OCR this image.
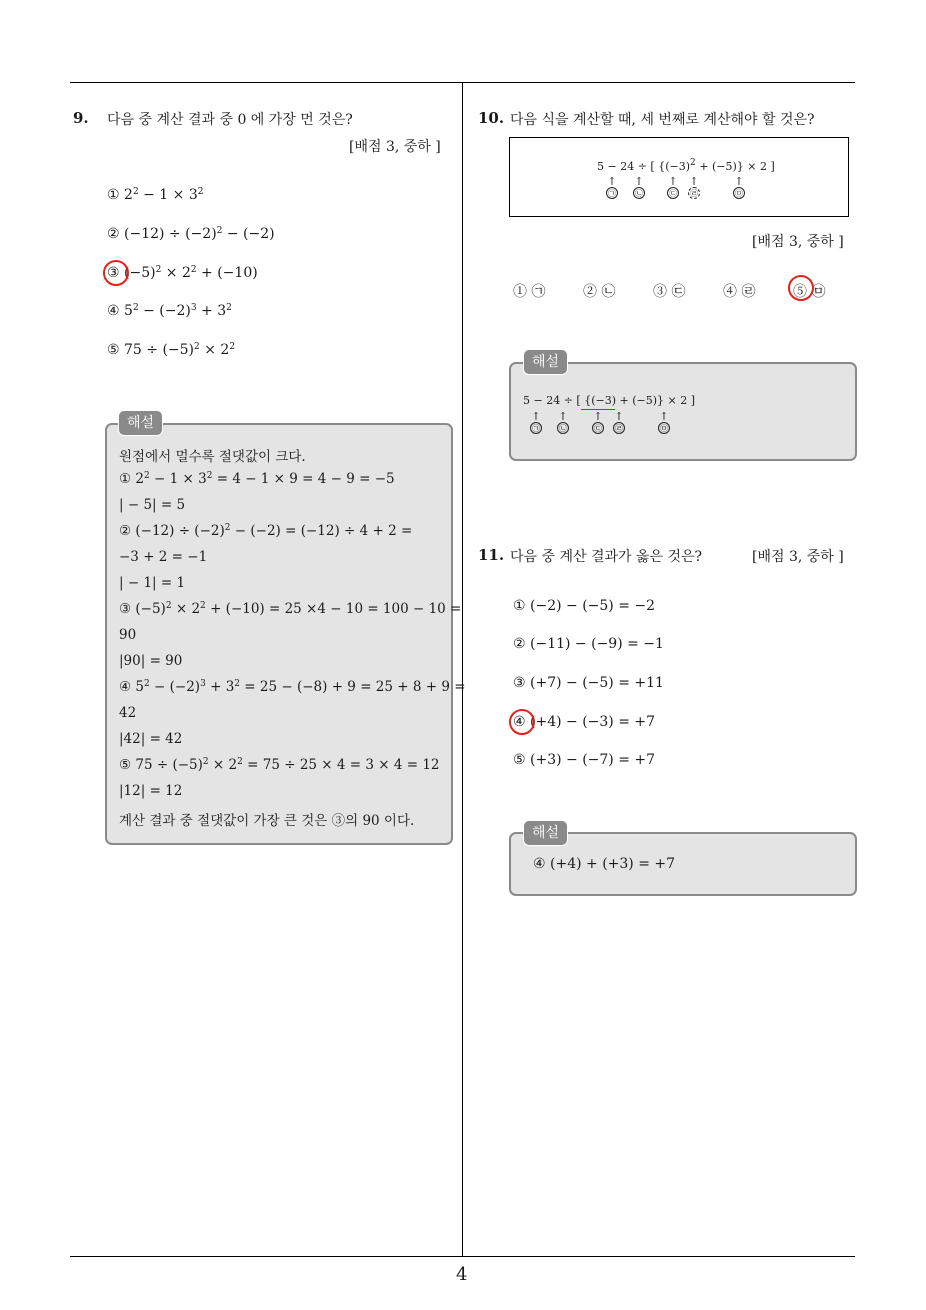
4
9. 다음 중 계산 결과 중 0 에 가장 먼 것은?
[배점 3, 중하 ]
① $2^2 - 1 \times 3^2$
② $(-12) \div (-2)^2 - (-2)$
③ $(-5)^2 \times 2^2 + (-10)$
④ $5^2 - (-2)^3 + 3^2$
⑤ $75 \div (-5)^2 \times 2^2$
원점에서 멀수록 절댓값이 크다.
① $2^2 - 1 \times 3^2 = 4 - 1 \times 9 = 4 - 9 = -5$
| − 5| = 5
② $(-12) \div (-2)^2 - (-2) = (-12) \div 4 + 2$ =
−3 + 2 = −1
| − 1| = 1
③ $(-5)^2 \times 2^2 + (-10) = 25 \times 4 - 10 = 100 - 10$ =
90
|90| = 90
④ $5^2 - (-2)^3 + 3^2 = 25 - (-8) + 9 = 25 + 8 + 9$ =
42
|42| = 42
⑤ $75 \div (-5)^2 \times 2^2 = 75 \div 25 \times 4 = 3 \times 4 = 12$
|12| = 12
계산 결과 중 절댓값이 가장 큰 것은 ③의 90 이다.
해설
10. 다음 식을 계산할 때, 세 번째로 계산해야 할 것은?
5 − 24 ÷ [ $\{(-3)^2 + (-5)\} \times 2$ ]
↑
㉠
↑
㉡
↑
㉢
↑
㉣
↑
㉤
[배점 3, 중하 ]
① ㉠	② ㉡	③ ㉢	④ ㉣	⑤ ㉤
5 − 24 ÷ [ {(−3) + (−5)} × 2 ]
↑
㉠
↑
㉡
↑
㉢
↑
㉣
↑
㉤
해설
11. 다음 중 계산 결과가 옳은 것은?	[배점 3, 중하 ]
① (−2) − (−5) = −2
② (−11) − (−9) = −1
③ (+7) − (−5) = +11
④ (+4) − (−3) = +7
⑤ (+3) − (−7) = +7
④ (+4) + (+3) = +7
해설
